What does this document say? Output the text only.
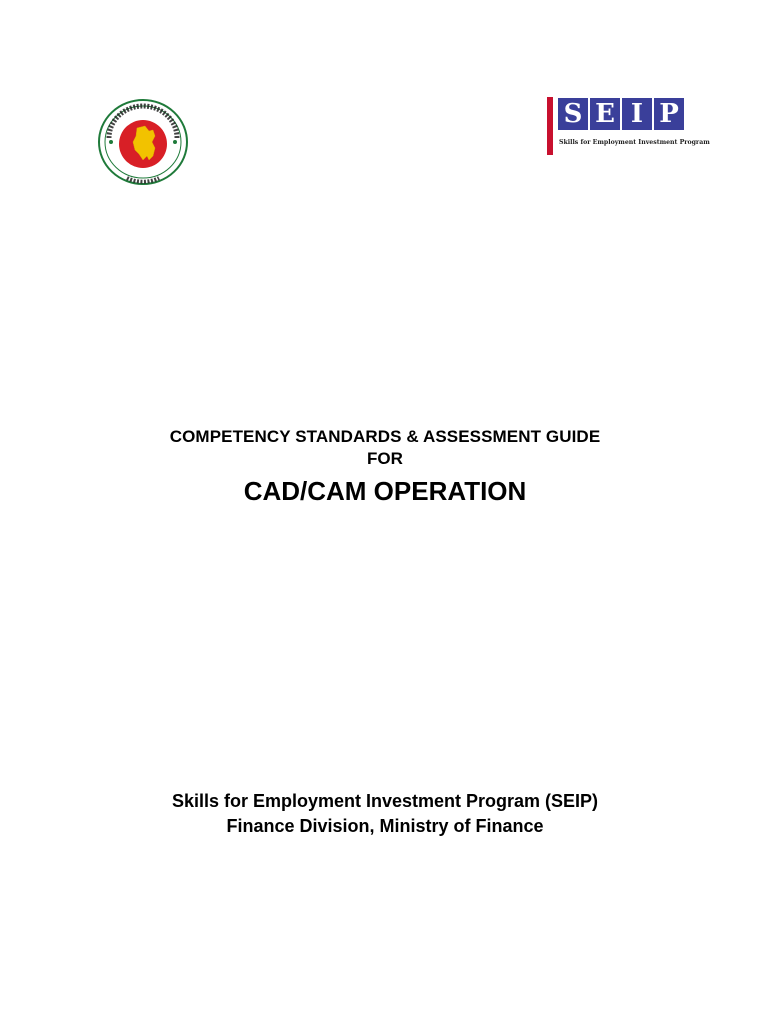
S E I P
Skills for Employment Investment Program
COMPETENCY STANDARDS & ASSESSMENT GUIDE
FOR
CAD/CAM OPERATION
Skills for Employment Investment Program (SEIP)
Finance Division, Ministry of Finance
